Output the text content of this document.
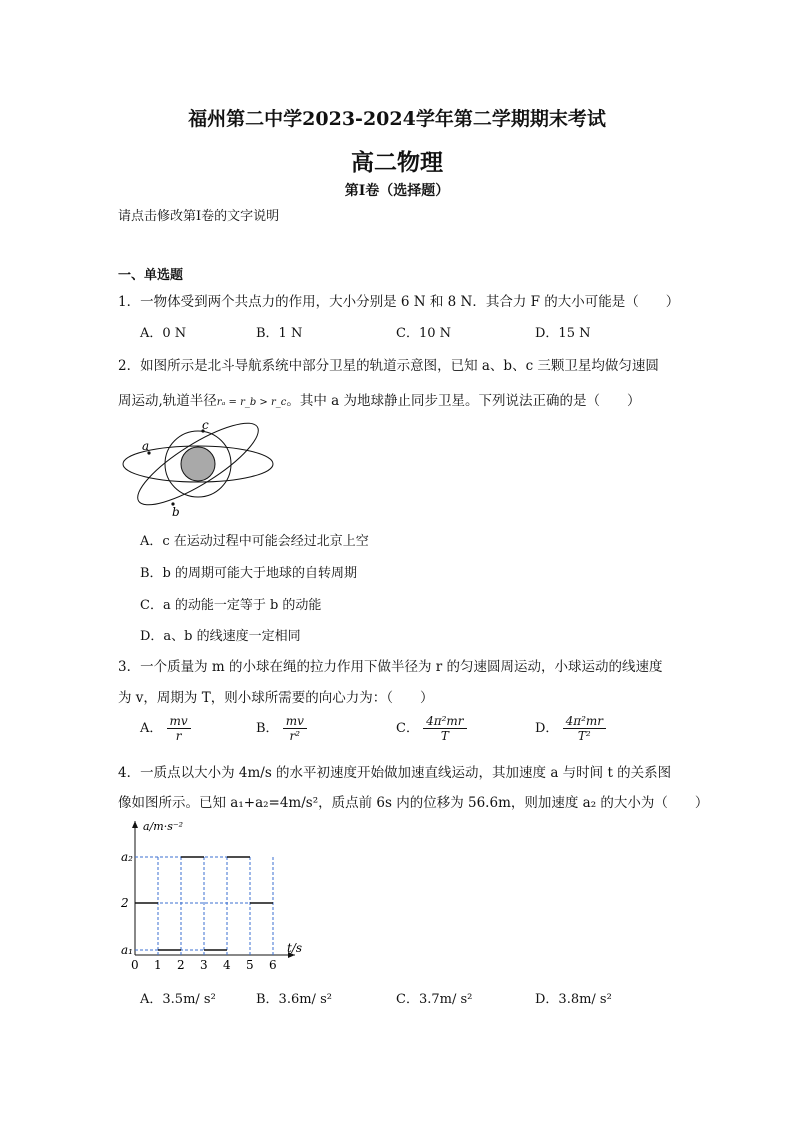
福州第二中学2023-2024学年第二学期期末考试
高二物理
第I卷（选择题）
请点击修改第I卷的文字说明
一、单选题
1．一物体受到两个共点力的作用，大小分别是 6 N 和 8 N．其合力 F 的大小可能是（　　）
A．0 N	B．1 N	C．10 N	D．15 N
2．如图所示是北斗导航系统中部分卫星的轨道示意图，已知 a、b、c 三颗卫星均做匀速圆
周运动,轨道半径rₐ = r_b > r_c。其中 a 为地球静止同步卫星。下列说法正确的是（　　）
a
c
b
A．c 在运动过程中可能会经过北京上空
B．b 的周期可能大于地球的自转周期
C．a 的动能一定等于 b 的动能
D．a、b 的线速度一定相同
3．一个质量为 m 的小球在绳的拉力作用下做半径为 r 的匀速圆周运动，小球运动的线速度
为 v，周期为 T，则小球所需要的向心力为：（　　）
A． $\frac{mv}{r}$	B． $\frac{mv}{\text{r²}}$	C． $\frac{\text{4π²mr}}{T}$	D． $\frac{\text{4π²mr}}{\text{T²}}$
4．一质点以大小为 4m/s 的水平初速度开始做加速直线运动，其加速度 a 与时间 t 的关系图
像如图所示。已知 a₁+a₂=4m/s²，质点前 6s 内的位移为 56.6m，则加速度 a₂ 的大小为（　　）
a/m·s⁻²
t/s
0 1 2 3 4 5 6
a₁
2
a₂
A．3.5m/ s²	B．3.6m/ s²	C．3.7m/ s²	D．3.8m/ s²
